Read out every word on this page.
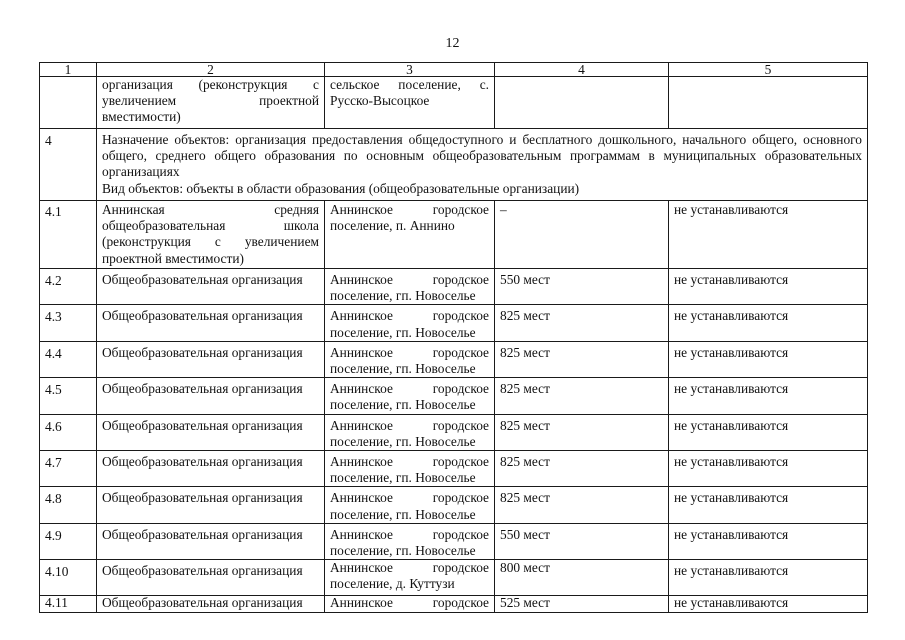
12
1	2	3	4	5
	организация (реконструкция с увеличением проектной вместимости)	сельское поселение, с. Русско-Высоцкое		
4	Назначение объектов: организация предоставления общедоступного и бесплатного дошкольного, начального общего, основного общего, среднего общего образования по основным общеобразовательным программам в муниципальных образовательных организациях
Вид объектов: объекты в области образования (общеобразовательные организации)			

4.1	Аннинская средняя общеобразовательная школа (реконструкция с увеличением проектной вместимости)	Аннинское городское поселение, п. Аннино	–	не устанавливаются
4.2	Общеобразовательная организация	Аннинское городское поселение, гп. Новоселье	550 мест	не устанавливаются
4.3	Общеобразовательная организация	Аннинское городское поселение, гп. Новоселье	825 мест	не устанавливаются
4.4	Общеобразовательная организация	Аннинское городское поселение, гп. Новоселье	825 мест	не устанавливаются
4.5	Общеобразовательная организация	Аннинское городское поселение, гп. Новоселье	825 мест	не устанавливаются
4.6	Общеобразовательная организация	Аннинское городское поселение, гп. Новоселье	825 мест	не устанавливаются
4.7	Общеобразовательная организация	Аннинское городское поселение, гп. Новоселье	825 мест	не устанавливаются
4.8	Общеобразовательная организация	Аннинское городское поселение, гп. Новоселье	825 мест	не устанавливаются
4.9	Общеобразовательная организация	Аннинское городское поселение, гп. Новоселье	550 мест	не устанавливаются
4.10	Общеобразовательная организация	Аннинское городское поселение, д. Куттузи	800 мест	не устанавливаются
4.11	Общеобразовательная организация	Аннинское городское	525 мест	не устанавливаются
